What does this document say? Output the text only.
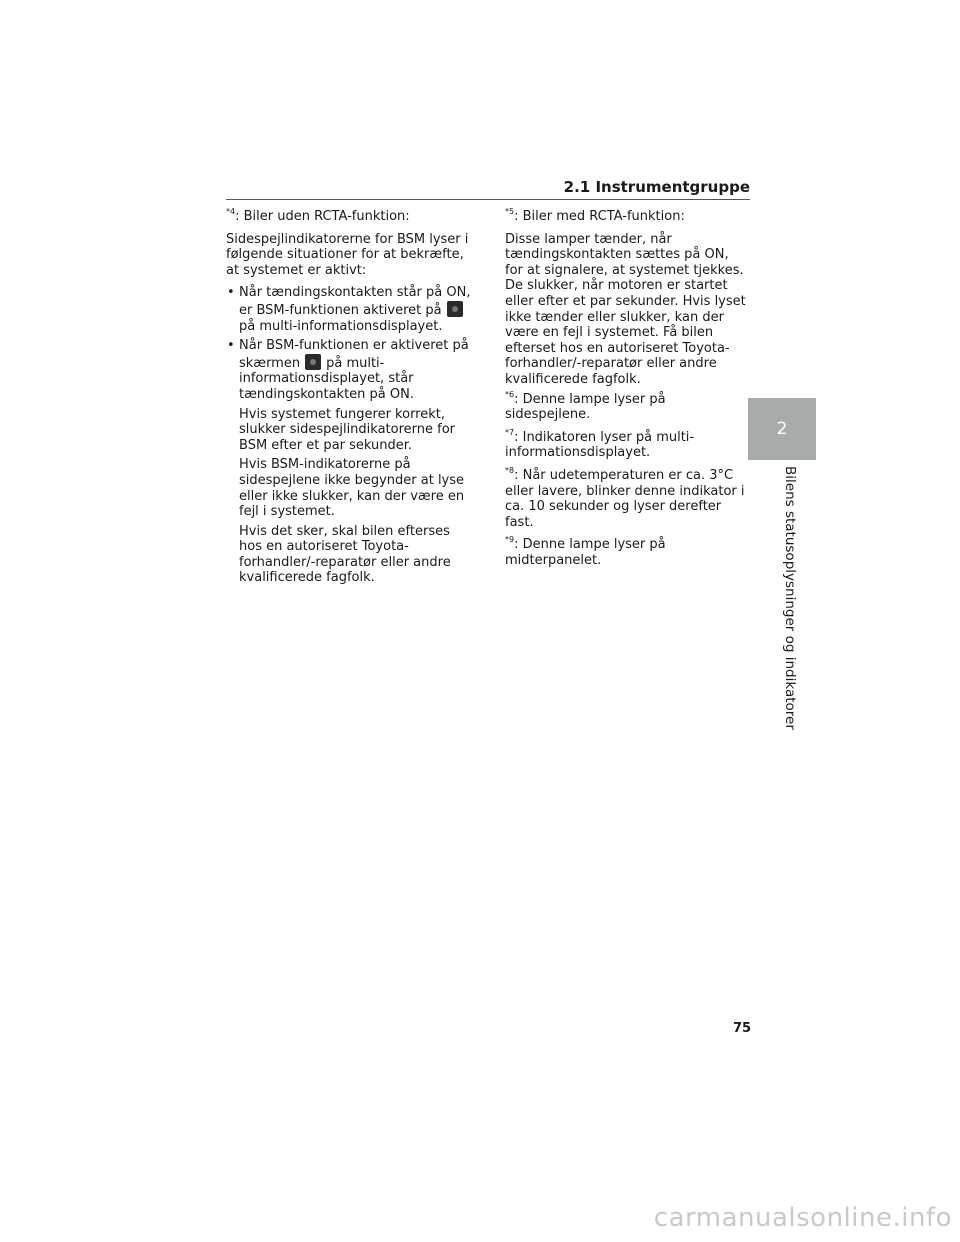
2.1 Instrumentgruppe

$^{*4}$: Biler uden RCTA-funktion:

Sidespejlindikatorerne for BSM lyser i følgende situationer for at bekræfte, at systemet er aktivt:

• Når tændingskontakten står på ON, er BSM-funktionen aktiveret påpå multi-informationsdisplayet.
• Når BSM-funktionen er aktiveret på skærmen på multi-informationsdisplayet, står tændingskontakten på ON.
Hvis systemet fungerer korrekt, slukker sidespejlindikatorerne for BSM efter et par sekunder.
Hvis BSM-indikatorerne på sidespejlene ikke begynder at lyse eller ikke slukker, kan der være en fejl i systemet.
Hvis det sker, skal bilen efterses hos en autoriseret Toyota-forhandler/-reparatør eller andre kvalificerede fagfolk.

$^{*5}$: Biler med RCTA-funktion:

Disse lamper tænder, når tændingskontakten sættes på ON, for at signalere, at systemet tjekkes. De slukker, når motoren er startet eller efter et par sekunder. Hvis lyset ikke tænder eller slukker, kan der være en fejl i systemet. Få bilen efterset hos en autoriseret Toyota-forhandler/-reparatør eller andre kvalificerede fagfolk.

$^{*6}$: Denne lampe lyser på sidespejlene.

$^{*7}$: Indikatoren lyser på multi-informationsdisplayet.

$^{*8}$: Når udetemperaturen er ca. 3°C eller lavere, blinker denne indikator i ca. 10 sekunder og lyser derefter fast.

$^{*9}$: Denne lampe lyser på midterpanelet.

2
Bilens statusoplysninger og indikatorer
75
carmanualsonline.info
